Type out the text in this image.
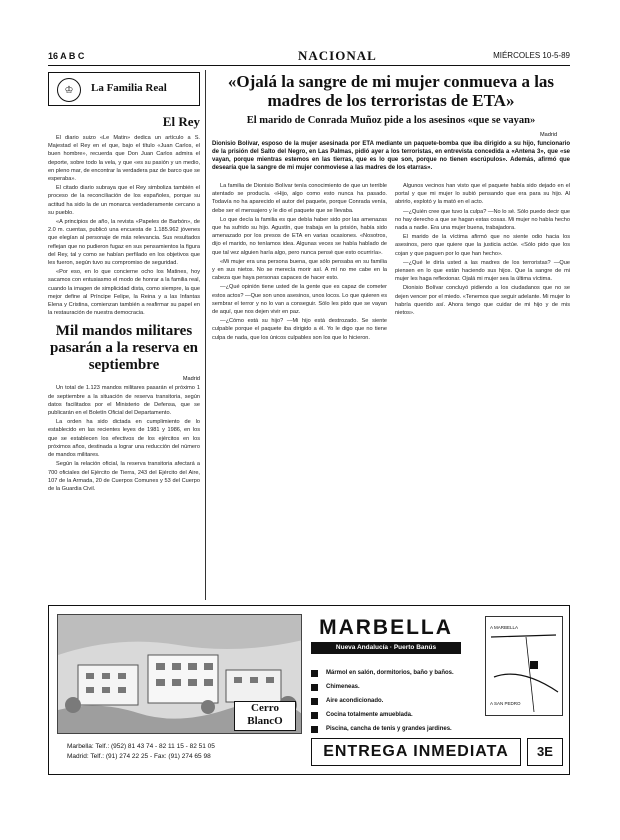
16 A B C	NACIONAL	MIÉRCOLES 10-5-89
♔	La Familia Real
El Rey

El diario suizo «Le Matin» dedica un artículo a S. Majestad el Rey en el que, bajo el título «Juan Carlos, el buen hombre», recuerda que Don Juan Carlos admira el deporte, sobre todo la vela, y que «es su pasión y un medio, en pleno mar, de encontrar la verdadera paz de barco que se esperaba».

El citado diario subraya que el Rey simboliza también el proceso de la reconciliación de los españoles, porque su actitud ha sido la de un monarca verdaderamente cercano a su pueblo.

«A principios de año, la revista «Papeles de Barbón», de 2.0 m. cuentas, publicó una encuesta de 1.185.962 jóvenes que elegían al personaje de más relevancia. Sus resultados reflejan que no pudieron fugaz en sus pensamientos la figura del Rey, tal y como se habían perfilado en los objetivos que les fueron, según tuvo su compromiso de seguridad.

«Por eso, en lo que concierne ocho los Matines, hoy sacamos con entusiasmo el modo de honrar a la familia real, cuando la imagen de simplicidad dista, como siempre, la que mejor define al Príncipe Felipe, la Reina y a las Infantas Elena y Cristina, comienzan también a reafirmar su papel en la restauración de nuestra democracia.

Mil mandos militares pasarán a la reserva en septiembre
Madrid

Un total de 1.123 mandos militares pasarán el próximo 1 de septiembre a la situación de reserva transitoria, según datos facilitados por el Ministerio de Defensa, que se publicarán en el Boletín Oficial del Departamento.

La orden ha sido dictada en cumplimiento de lo establecido en las recientes leyes de 1981 y 1986, en los que se establecen los efectivos de los ejércitos en los próximos años, destinada a lograr una reducción del número de mandos militares.

Según la relación oficial, la reserva transitoria afectará a 700 oficiales del Ejército de Tierra, 243 del Ejército del Aire, 107 de la Armada, 20 de Cuerpos Comunes y 53 del Cuerpo de la Guardia Civil.

«Ojalá la sangre de mi mujer conmueva a las madres de los terroristas de ETA»
El marido de Conrada Muñoz pide a los asesinos «que se vayan»
Madrid
Dionisio Bolívar, esposo de la mujer asesinada por ETA mediante un paquete-bomba que iba dirigido a su hijo, funcionario de la prisión del Salto del Negro, en Las Palmas, pidió ayer a los terroristas, en entrevista concedida a «Antena 3», que «se vayan, porque mientras estemos en las tierras, que es lo que son, porque no tienen escrúpulos». Además, afirmó que desearía que la sangre de mi mujer conmoviese a las madres de los etarras».

La familia de Dionisio Bolívar tenía conocimiento de que un terrible atentado se producía. «Hijo, algo como esto nunca ha pasado. Todavía no ha aparecido el autor del paquete, porque Conrada venía, debe ser el mensajero y le dio el paquete que se llevaba.

Lo que decía la familia es que debía haber sido por las amenazas que ha sufrido su hijo. Agustín, que trabaja en la prisión, había sido amenazado por los presos de ETA en varias ocasiones. «Nosotros, dijo el marido, no teníamos idea. Algunas veces se había hablado de que tal vez alguien haría algo, pero nunca pensé que esto ocurriría».

«Mi mujer era una persona buena, que sólo pensaba en su familia y en sus nietos. No se merecía morir así. A mí no me cabe en la cabeza que haya personas capaces de hacer esto.

—¿Qué opinión tiene usted de la gente que es capaz de cometer estos actos? —Que son unos asesinos, unos locos. Lo que quieren es sembrar el terror y no lo van a conseguir. Sólo les pido que se vayan de aquí, que nos dejen vivir en paz.

—¿Cómo está su hijo? —Mi hijo está destrozado. Se siente culpable porque el paquete iba dirigido a él. Yo le digo que no tiene culpa de nada, que los únicos culpables son los que lo hicieron.

Algunos vecinos han visto que el paquete había sido dejado en el portal y que mi mujer lo subió pensando que era para su hijo. Al abrirlo, explotó y la mató en el acto.

—¿Quién cree que tuvo la culpa? —No lo sé. Sólo puedo decir que no hay derecho a que se hagan estas cosas. Mi mujer no había hecho nada a nadie. Era una mujer buena, trabajadora.

El marido de la víctima afirmó que no siente odio hacia los asesinos, pero que quiere que la justicia actúe. «Sólo pido que los cojan y que paguen por lo que han hecho».

—¿Qué le diría usted a las madres de los terroristas? —Que piensen en lo que están haciendo sus hijos. Que la sangre de mi mujer les haga reflexionar. Ojalá mi mujer sea la última víctima.

Dionisio Bolívar concluyó pidiendo a los ciudadanos que no se dejen vencer por el miedo. «Tenemos que seguir adelante. Mi mujer lo habría querido así. Ahora tengo que cuidar de mi hijo y de mis nietos».

Cerro
BlancO
Marbella: Telf.: (952) 81 43 74 - 82 11 15 - 82 51 05
Madrid: Telf.: (91) 274 22 25 - Fax: (91) 274 65 98
MARBELLA
Nueva Andalucía · Puerto Banús
Mármol en salón, dormitorios, baño y baños.
Chimeneas.
Aire acondicionado.
Cocina totalmente amueblada.
Piscina, cancha de tenis y grandes jardines.
A MARBELLA
A SAN PEDRO
ENTREGA INMEDIATA	3E
